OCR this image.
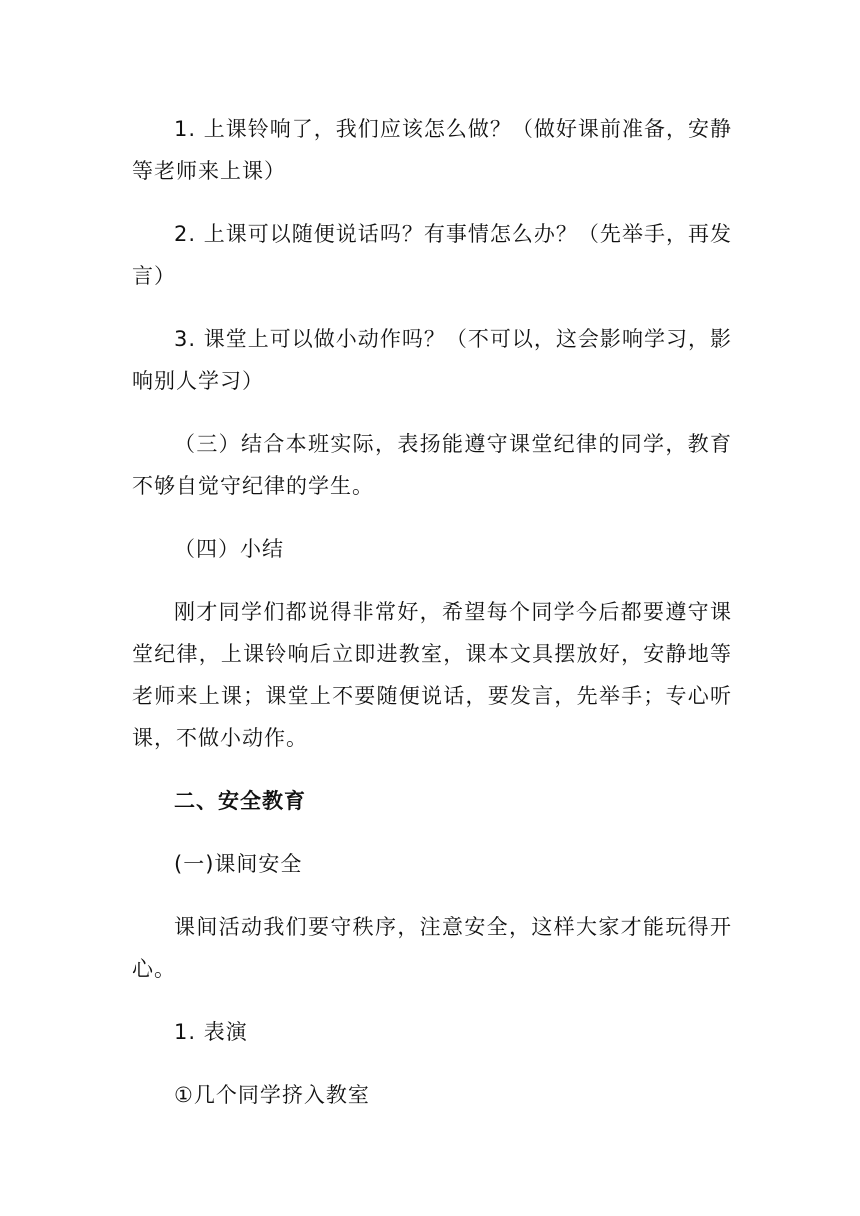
1. 上课铃响了，我们应该怎么做？（做好课前准备，安静等老师来上课）

2. 上课可以随便说话吗？有事情怎么办？（先举手，再发言）

3. 课堂上可以做小动作吗？（不可以，这会影响学习，影响别人学习）

（三）结合本班实际，表扬能遵守课堂纪律的同学，教育不够自觉守纪律的学生。

（四）小结

刚才同学们都说得非常好，希望每个同学今后都要遵守课堂纪律，上课铃响后立即进教室，课本文具摆放好，安静地等老师来上课；课堂上不要随便说话，要发言，先举手；专心听课，不做小动作。

二、安全教育

(一)课间安全

课间活动我们要守秩序，注意安全，这样大家才能玩得开心。

1. 表演

①几个同学挤入教室
